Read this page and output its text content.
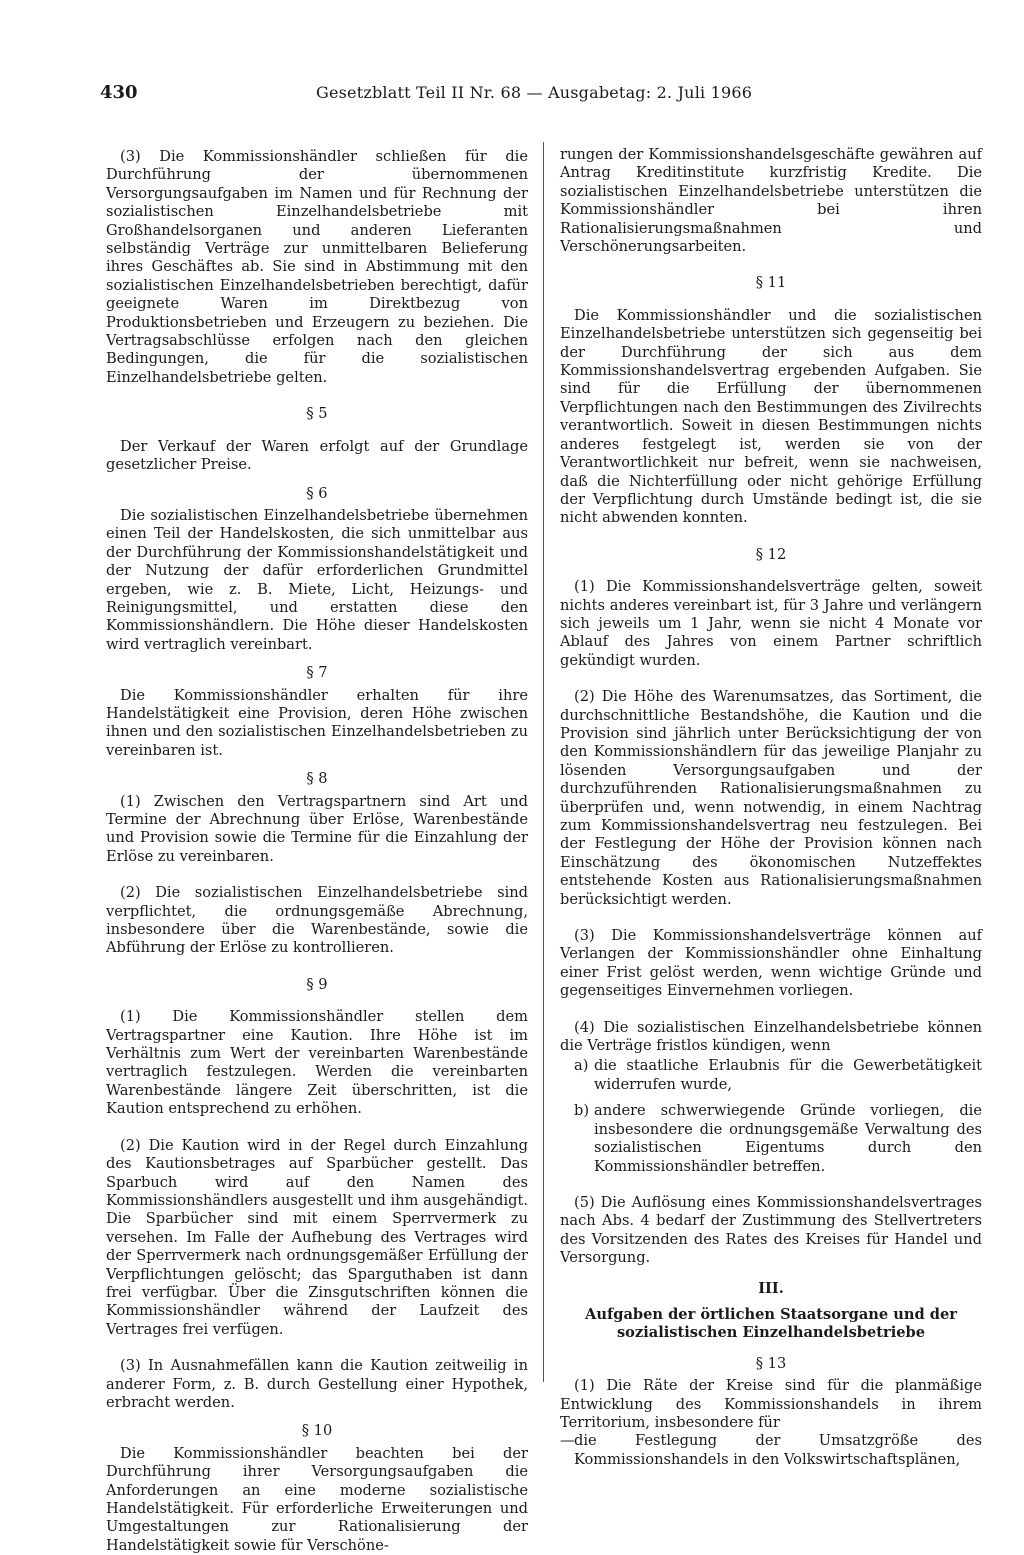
430	Gesetzblatt Teil II Nr. 68 — Ausgabetag: 2. Juli 1966

(3) Die Kommissionshändler schließen für die Durchführung der übernommenen Versorgungsaufgaben im Namen und für Rechnung der sozialistischen Einzelhandelsbetriebe mit Großhandelsorganen und anderen Lieferanten selbständig Verträge zur unmittelbaren Belieferung ihres Geschäftes ab. Sie sind in Abstimmung mit den sozialistischen Einzelhandelsbetrieben berechtigt, dafür geeignete Waren im Direktbezug von Produktionsbetrieben und Erzeugern zu beziehen. Die Vertragsabschlüsse erfolgen nach den gleichen Bedingungen, die für die sozialistischen Einzelhandelsbetriebe gelten.

§ 5

Der Verkauf der Waren erfolgt auf der Grundlage gesetzlicher Preise.

§ 6

Die sozialistischen Einzelhandelsbetriebe übernehmen einen Teil der Handelskosten, die sich unmittelbar aus der Durchführung der Kommissionshandelstätigkeit und der Nutzung der dafür erforderlichen Grundmittel ergeben, wie z. B. Miete, Licht, Heizungs- und Reinigungsmittel, und erstatten diese den Kommissionshändlern. Die Höhe dieser Handelskosten wird vertraglich vereinbart.

§ 7

Die Kommissionshändler erhalten für ihre Handelstätigkeit eine Provision, deren Höhe zwischen ihnen und den sozialistischen Einzelhandelsbetrieben zu vereinbaren ist.

§ 8

(1) Zwischen den Vertragspartnern sind Art und Termine der Abrechnung über Erlöse, Warenbestände und Provision sowie die Termine für die Einzahlung der Erlöse zu vereinbaren.

(2) Die sozialistischen Einzelhandelsbetriebe sind verpflichtet, die ordnungsgemäße Abrechnung, insbesondere über die Warenbestände, sowie die Abführung der Erlöse zu kontrollieren.

§ 9

(1) Die Kommissionshändler stellen dem Vertragspartner eine Kaution. Ihre Höhe ist im Verhältnis zum Wert der vereinbarten Warenbestände vertraglich festzulegen. Werden die vereinbarten Warenbestände längere Zeit überschritten, ist die Kaution entsprechend zu erhöhen.

(2) Die Kaution wird in der Regel durch Einzahlung des Kautionsbetrages auf Sparbücher gestellt. Das Sparbuch wird auf den Namen des Kommissionshändlers ausgestellt und ihm ausgehändigt. Die Sparbücher sind mit einem Sperrvermerk zu versehen. Im Falle der Aufhebung des Vertrages wird der Sperrvermerk nach ordnungsgemäßer Erfüllung der Verpflichtungen gelöscht; das Sparguthaben ist dann frei verfügbar. Über die Zinsgutschriften können die Kommissionshändler während der Laufzeit des Vertrages frei verfügen.

(3) In Ausnahmefällen kann die Kaution zeitweilig in anderer Form, z. B. durch Gestellung einer Hypothek, erbracht werden.

§ 10

Die Kommissionshändler beachten bei der Durchführung ihrer Versorgungsaufgaben die Anforderungen an eine moderne sozialistische Handelstätigkeit. Für erforderliche Erweiterungen und Umgestaltungen zur Rationalisierung der Handelstätigkeit sowie für Verschöne-

rungen der Kommissionshandelsgeschäfte gewähren auf Antrag Kreditinstitute kurzfristig Kredite. Die sozialistischen Einzelhandelsbetriebe unterstützen die Kommissionshändler bei ihren Rationalisierungsmaßnahmen und Verschönerungsarbeiten.

§ 11

Die Kommissionshändler und die sozialistischen Einzelhandelsbetriebe unterstützen sich gegenseitig bei der Durchführung der sich aus dem Kommissionshandelsvertrag ergebenden Aufgaben. Sie sind für die Erfüllung der übernommenen Verpflichtungen nach den Bestimmungen des Zivilrechts verantwortlich. Soweit in diesen Bestimmungen nichts anderes festgelegt ist, werden sie von der Verantwortlichkeit nur befreit, wenn sie nachweisen, daß die Nichterfüllung oder nicht gehörige Erfüllung der Verpflichtung durch Umstände bedingt ist, die sie nicht abwenden konnten.

§ 12

(1) Die Kommissionshandelsverträge gelten, soweit nichts anderes vereinbart ist, für 3 Jahre und verlängern sich jeweils um 1 Jahr, wenn sie nicht 4 Monate vor Ablauf des Jahres von einem Partner schriftlich gekündigt wurden.

(2) Die Höhe des Warenumsatzes, das Sortiment, die durchschnittliche Bestandshöhe, die Kaution und die Provision sind jährlich unter Berücksichtigung der von den Kommissionshändlern für das jeweilige Planjahr zu lösenden Versorgungsaufgaben und der durchzuführenden Rationalisierungsmaßnahmen zu überprüfen und, wenn notwendig, in einem Nachtrag zum Kommissionshandelsvertrag neu festzulegen. Bei der Festlegung der Höhe der Provision können nach Einschätzung des ökonomischen Nutzeffektes entstehende Kosten aus Rationalisierungsmaßnahmen berücksichtigt werden.

(3) Die Kommissionshandelsverträge können auf Verlangen der Kommissionshändler ohne Einhaltung einer Frist gelöst werden, wenn wichtige Gründe und gegenseitiges Einvernehmen vorliegen.

(4) Die sozialistischen Einzelhandelsbetriebe können die Verträge fristlos kündigen, wenn

a) die staatliche Erlaubnis für die Gewerbetätigkeit widerrufen wurde,
b) andere schwerwiegende Gründe vorliegen, die insbesondere die ordnungsgemäße Verwaltung des sozialistischen Eigentums durch den Kommissionshändler betreffen.

(5) Die Auflösung eines Kommissionshandelsvertrages nach Abs. 4 bedarf der Zustimmung des Stellvertreters des Vorsitzenden des Rates des Kreises für Handel und Versorgung.

III.
Aufgaben der örtlichen Staatsorgane und der sozialistischen Einzelhandelsbetriebe
§ 13

(1) Die Räte der Kreise sind für die planmäßige Entwicklung des Kommissionshandels in ihrem Territorium, insbesondere für

— die Festlegung der Umsatzgröße des Kommissionshandels in den Volkswirtschaftsplänen,
